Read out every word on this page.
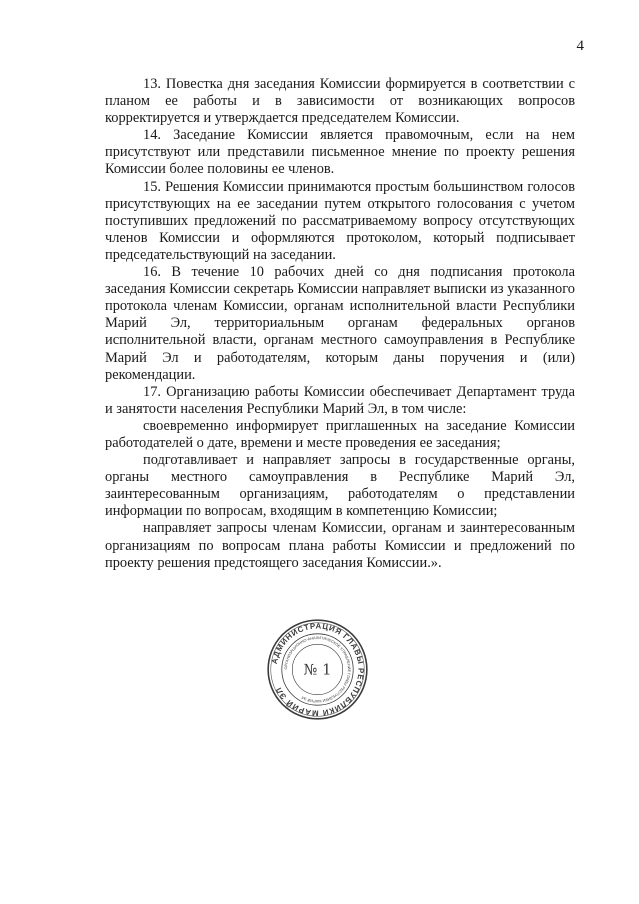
4

13. Повестка дня заседания Комиссии формируется в соответствии с планом ее работы и в зависимости от возникающих вопросов корректируется и утверждается председателем Комиссии.

14. Заседание Комиссии является правомочным, если на нем присутствуют или представили письменное мнение по проекту решения Комиссии более половины ее членов.

15. Решения Комиссии принимаются простым большинством голосов присутствующих на ее заседании путем открытого голосования с учетом поступивших предложений по рассматриваемому вопросу отсутствующих членов Комиссии и оформляются протоколом, который подписывает председательствующий на заседании.

16. В течение 10 рабочих дней со дня подписания протокола заседания Комиссии секретарь Комиссии направляет выписки из указанного протокола членам Комиссии, органам исполнительной власти Республики Марий Эл, территориальным органам федеральных органов исполнительной власти, органам местного самоуправления в Республике Марий Эл и работодателям, которым даны поручения и (или) рекомендации.

17. Организацию работы Комиссии обеспечивает Департамент труда и занятости населения Республики Марий Эл, в том числе:

своевременно информирует приглашенных на заседание Комиссии работодателей о дате, времени и месте проведения ее заседания;

подготавливает и направляет запросы в государственные органы, органы местного самоуправления в Республике Марий Эл, заинтересованным организациям, работодателям о представлении информации по вопросам, входящим в компетенцию Комиссии;

направляет запросы членам Комиссии, органам и заинтересованным организациям по вопросам плана работы Комиссии и предложений по проекту решения предстоящего заседания Комиссии.».

АДМИНИСТРАЦИЯ ГЛАВЫ РЕСПУБЛИКИ МАРИЙ ЭЛ
ОРГАНИЗАЦИОННО-АНАЛИТИЧЕСКОЕ УПРАВЛЕНИЕ ГЛАВЫ РЕСПУБЛИКИ МАРИЙ ЭЛ
№ 1
